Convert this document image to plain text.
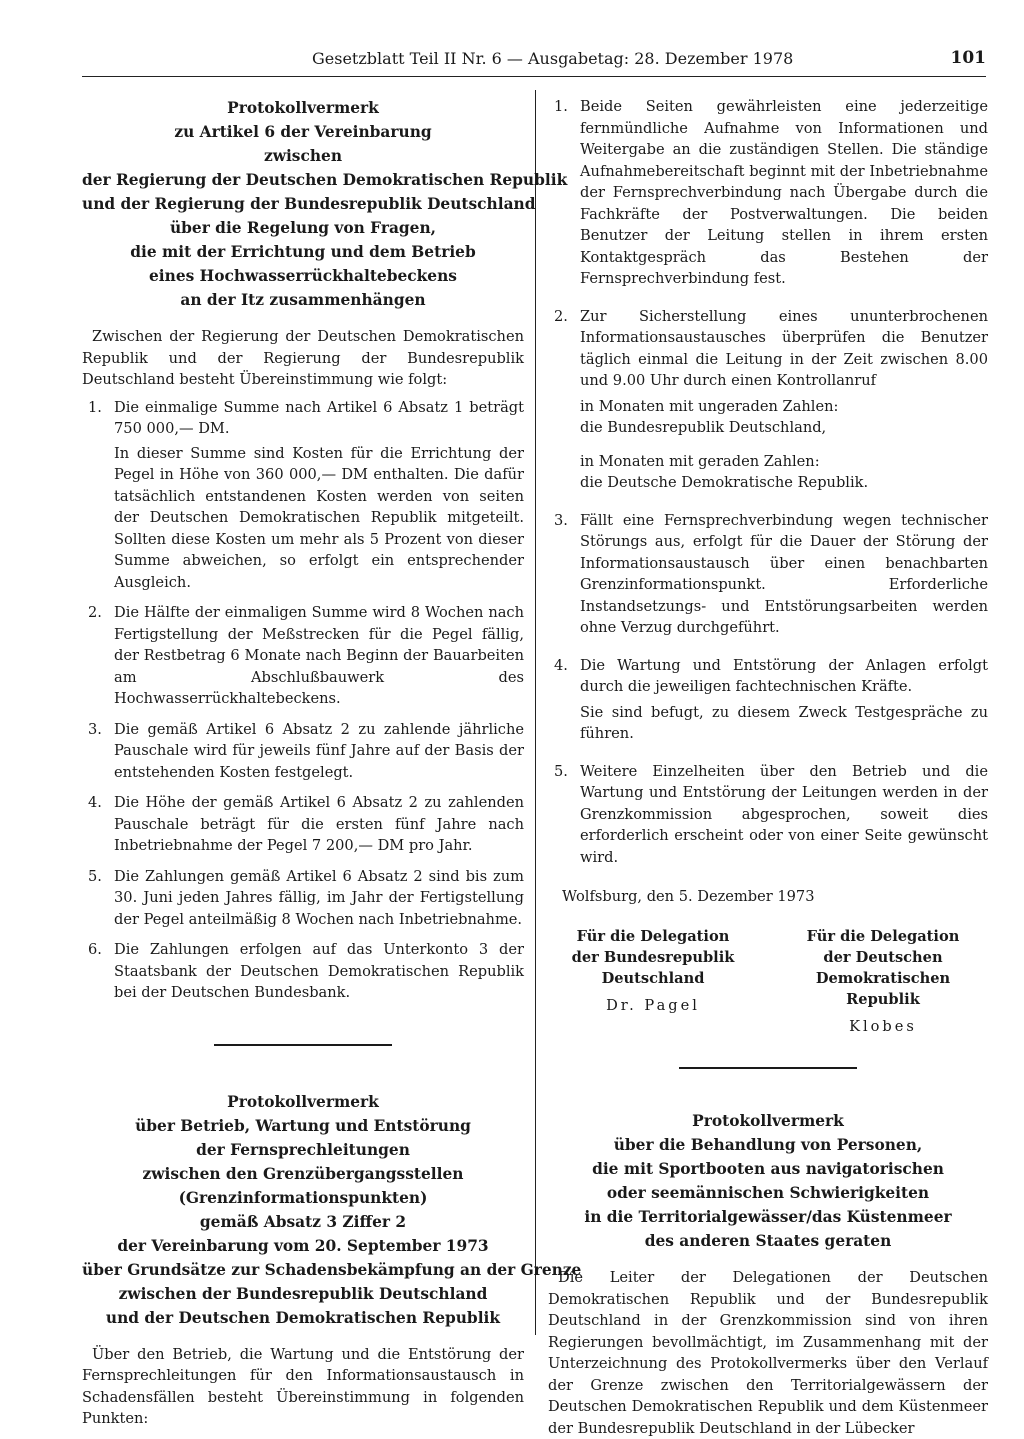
Gesetzblatt Teil II Nr. 6 — Ausgabetag: 28. Dezember 1978	101
Protokollvermerk
zu Artikel 6 der Vereinbarung
zwischen
der Regierung der Deutschen Demokratischen Republik
und der Regierung der Bundesrepublik Deutschland
über die Regelung von Fragen,
die mit der Errichtung und dem Betrieb
eines Hochwasserrückhaltebeckens
an der Itz zusammenhängen

Zwischen der Regierung der Deutschen Demokratischen Republik und der Regierung der Bundesrepublik Deutschland besteht Übereinstimmung wie folgt:

1. Die einmalige Summe nach Artikel 6 Absatz 1 beträgt 750 000,— DM.
In dieser Summe sind Kosten für die Errichtung der Pegel in Höhe von 360 000,— DM enthalten. Die dafür tatsächlich entstandenen Kosten werden von seiten der Deutschen Demokratischen Republik mitgeteilt. Sollten diese Kosten um mehr als 5 Prozent von dieser Summe abweichen, so erfolgt ein entsprechender Ausgleich.
2. Die Hälfte der einmaligen Summe wird 8 Wochen nach Fertigstellung der Meßstrecken für die Pegel fällig, der Restbetrag 6 Monate nach Beginn der Bauarbeiten am Abschlußbauwerk des Hochwasserrückhaltebeckens.
3. Die gemäß Artikel 6 Absatz 2 zu zahlende jährliche Pauschale wird für jeweils fünf Jahre auf der Basis der entstehenden Kosten festgelegt.
4. Die Höhe der gemäß Artikel 6 Absatz 2 zu zahlenden Pauschale beträgt für die ersten fünf Jahre nach Inbetriebnahme der Pegel 7 200,— DM pro Jahr.
5. Die Zahlungen gemäß Artikel 6 Absatz 2 sind bis zum 30. Juni jeden Jahres fällig, im Jahr der Fertigstellung der Pegel anteilmäßig 8 Wochen nach Inbetriebnahme.
6. Die Zahlungen erfolgen auf das Unterkonto 3 der Staatsbank der Deutschen Demokratischen Republik bei der Deutschen Bundesbank.
Protokollvermerk
über Betrieb, Wartung und Entstörung
der Fernsprechleitungen
zwischen den Grenzübergangsstellen
(Grenzinformationspunkten)
gemäß Absatz 3 Ziffer 2
der Vereinbarung vom 20. September 1973
über Grundsätze zur Schadensbekämpfung an der Grenze
zwischen der Bundesrepublik Deutschland
und der Deutschen Demokratischen Republik

Über den Betrieb, die Wartung und die Entstörung der Fernsprechleitungen für den Informationsaustausch in Schadensfällen besteht Übereinstimmung in folgenden Punkten:

1. Beide Seiten gewährleisten eine jederzeitige fernmündliche Aufnahme von Informationen und Weitergabe an die zuständigen Stellen. Die ständige Aufnahmebereitschaft beginnt mit der Inbetriebnahme der Fernsprechverbindung nach Übergabe durch die Fachkräfte der Postverwaltungen. Die beiden Benutzer der Leitung stellen in ihrem ersten Kontaktgespräch das Bestehen der Fernsprechverbindung fest.
2. Zur Sicherstellung eines ununterbrochenen Informationsaustausches überprüfen die Benutzer täglich einmal die Leitung in der Zeit zwischen 8.00 und 9.00 Uhr durch einen Kontrollanruf
in Monaten mit ungeraden Zahlen:
die Bundesrepublik Deutschland,
in Monaten mit geraden Zahlen:
die Deutsche Demokratische Republik.
3. Fällt eine Fernsprechverbindung wegen technischer Störungs aus, erfolgt für die Dauer der Störung der Informationsaustausch über einen benachbarten Grenzinformationspunkt. Erforderliche Instandsetzungs- und Entstörungsarbeiten werden ohne Verzug durchgeführt.
4. Die Wartung und Entstörung der Anlagen erfolgt durch die jeweiligen fachtechnischen Kräfte.
Sie sind befugt, zu diesem Zweck Testgespräche zu führen.
5. Weitere Einzelheiten über den Betrieb und die Wartung und Entstörung der Leitungen werden in der Grenzkommission abgesprochen, soweit dies erforderlich erscheint oder von einer Seite gewünscht wird.

Wolfsburg, den 5. Dezember 1973

Für die Delegation
der Bundesrepublik
Deutschland
Dr. Pagel
Für die Delegation
der Deutschen
Demokratischen Republik
Klobes
Protokollvermerk
über die Behandlung von Personen,
die mit Sportbooten aus navigatorischen
oder seemännischen Schwierigkeiten
in die Territorialgewässer/das Küstenmeer
des anderen Staates geraten

Die Leiter der Delegationen der Deutschen Demokratischen Republik und der Bundesrepublik Deutschland in der Grenzkommission sind von ihren Regierungen bevollmächtigt, im Zusammenhang mit der Unterzeichnung des Protokollvermerks über den Verlauf der Grenze zwischen den Territorialgewässern der Deutschen Demokratischen Republik und dem Küstenmeer der Bundesrepublik Deutschland in der Lübecker
